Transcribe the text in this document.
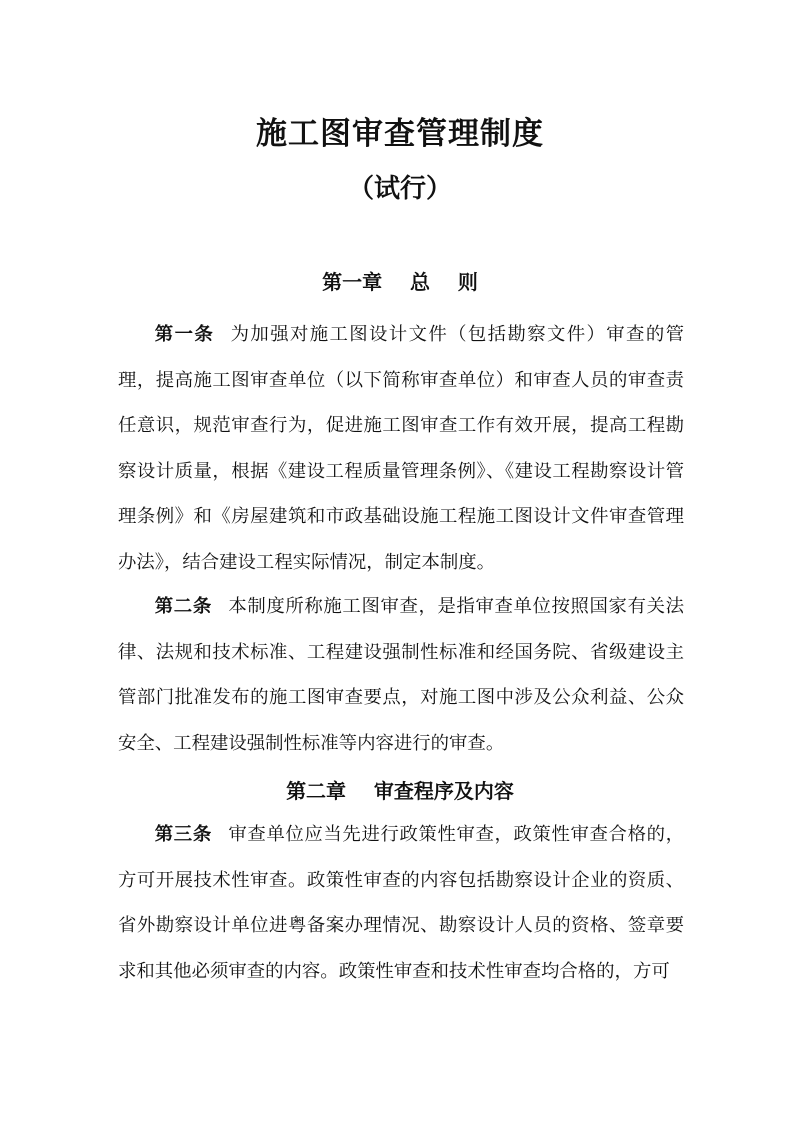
施工图审查管理制度
（试行）
第一章    总    则

第一条 为加强对施工图设计文件（包括勘察文件）审查的管理，提高施工图审查单位（以下简称审查单位）和审查人员的审查责任意识，规范审查行为，促进施工图审查工作有效开展，提高工程勘察设计质量，根据《建设工程质量管理条例》、《建设工程勘察设计管理条例》和《房屋建筑和市政基础设施工程施工图设计文件审查管理办法》，结合建设工程实际情况，制定本制度。

第二条 本制度所称施工图审查，是指审查单位按照国家有关法律、法规和技术标准、工程建设强制性标准和经国务院、省级建设主管部门批准发布的施工图审查要点，对施工图中涉及公众利益、公众安全、工程建设强制性标准等内容进行的审查。

第二章    审查程序及内容

第三条 审查单位应当先进行政策性审查，政策性审查合格的，方可开展技术性审查。政策性审查的内容包括勘察设计企业的资质、省外勘察设计单位进粤备案办理情况、勘察设计人员的资格、签章要求和其他必须审查的内容。政策性审查和技术性审查均合格的，方可
